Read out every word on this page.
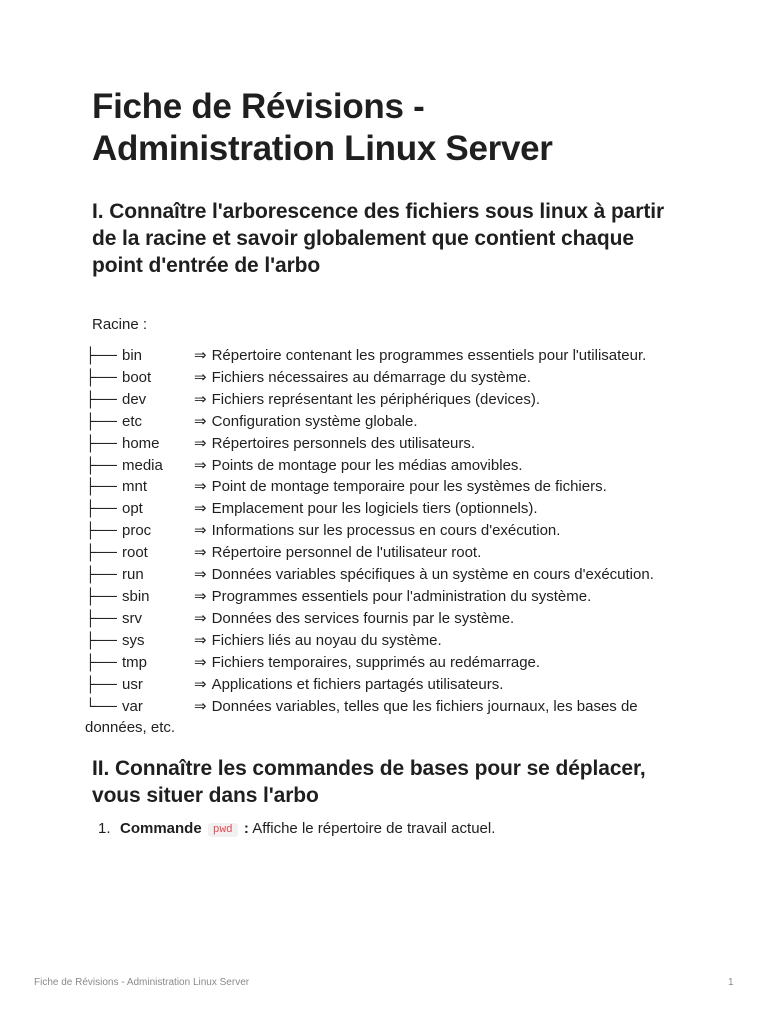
Fiche de Révisions -
Administration Linux Server
I. Connaître l'arborescence des fichiers sous linux à partir de la racine et savoir globalement que contient chaque point d'entrée de l'arbo
Racine :
├── bin	⇒ Répertoire contenant les programmes essentiels pour l'utilisateur.
├── boot	⇒ Fichiers nécessaires au démarrage du système.
├── dev	⇒ Fichiers représentant les périphériques (devices).
├── etc	⇒ Configuration système globale.
├── home ⇒ Répertoires personnels des utilisateurs.
├── media ⇒ Points de montage pour les médias amovibles.
├── mnt	⇒ Point de montage temporaire pour les systèmes de fichiers.
├── opt	⇒ Emplacement pour les logiciels tiers (optionnels).
├── proc	⇒ Informations sur les processus en cours d'exécution.
├── root	⇒ Répertoire personnel de l'utilisateur root.
├── run	⇒ Données variables spécifiques à un système en cours d'exécution.
├── sbin	⇒ Programmes essentiels pour l'administration du système.
├── srv	⇒ Données des services fournis par le système.
├── sys	⇒ Fichiers liés au noyau du système.
├── tmp	⇒ Fichiers temporaires, supprimés au redémarrage.
├── usr	⇒ Applications et fichiers partagés utilisateurs.
└── var	⇒ Données variables, telles que les fichiers journaux, les bases de données, etc.
II. Connaître les commandes de bases pour se déplacer, vous situer dans l'arbo
1. Commande pwd : Affiche le répertoire de travail actuel.
Fiche de Révisions - Administration Linux Server	1
